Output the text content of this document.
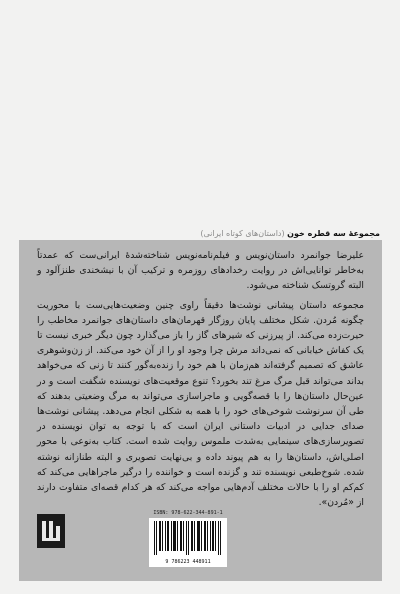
مجموعهٔ سه قطره خون (داستان‌های کوتاه ایرانی)

علیرضا جوانمرد داستان‌نویس و فیلم‌نامه‌نویس شناخته‌شدهٔ ایرانی‌ست که عمدتاً به‌خاطر توانایی‌اش در روایت رخدادهای روزمره و ترکیب آن با نیشخندی طنزآلود و البته گروتسک شناخته می‌شود.

مجموعه داستان پیشانی نوشت‌ها دقیقاً راوی چنین وضعیت‌هایی‌ست با محوریت چگونه مُردن. شکل مختلف پایان روزگار قهرمان‌های داستان‌های جوانمرد مخاطب را حیرت‌زده می‌کند. از پیرزنی که شیرهای گاز را باز می‌گذارد چون دیگر خبری نیست تا یک کفاش خیابانی که نمی‌داند مرش چرا وجود او را از آن خود می‌کند. از زن‌وشوهری عاشق که تصمیم گرفته‌اند هم‌زمان با هم خود را زنده‌به‌گور کنند تا زنی که می‌خواهد بداند می‌تواند قبل مرگ مرغ تند بخورد؟ تنوع موقعیت‌های نویسنده شگفت است و در عین‌حال داستان‌ها را با قصه‌گویی و ماجراسازی می‌تواند به مرگ وضعیتی بدهند که طی آن سرنوشت شوخی‌های خود را با همه به شکلی انجام می‌دهد. پیشانی نوشت‌ها صدای جدایی در ادبیات داستانی ایران است که با توجه به توان نویسنده در تصویرسازی‌های سینمایی به‌شدت ملموس روایت شده است. کتاب به‌نوعی با محور اصلی‌اش، داستان‌ها را به هم پیوند داده و بی‌نهایت تصویری و البته طنازانه نوشته شده. شوخ‌طبعی نویسنده تند و گزنده است و خواننده را درگیر ماجراهایی می‌کند که کم‌کم او را با حالات مختلف آدم‌هایی مواجه می‌کند که هر کدام قصه‌ای متفاوت دارند از «مُردن».

ISBN: 978-622-344-891-1
9 786223 448911
